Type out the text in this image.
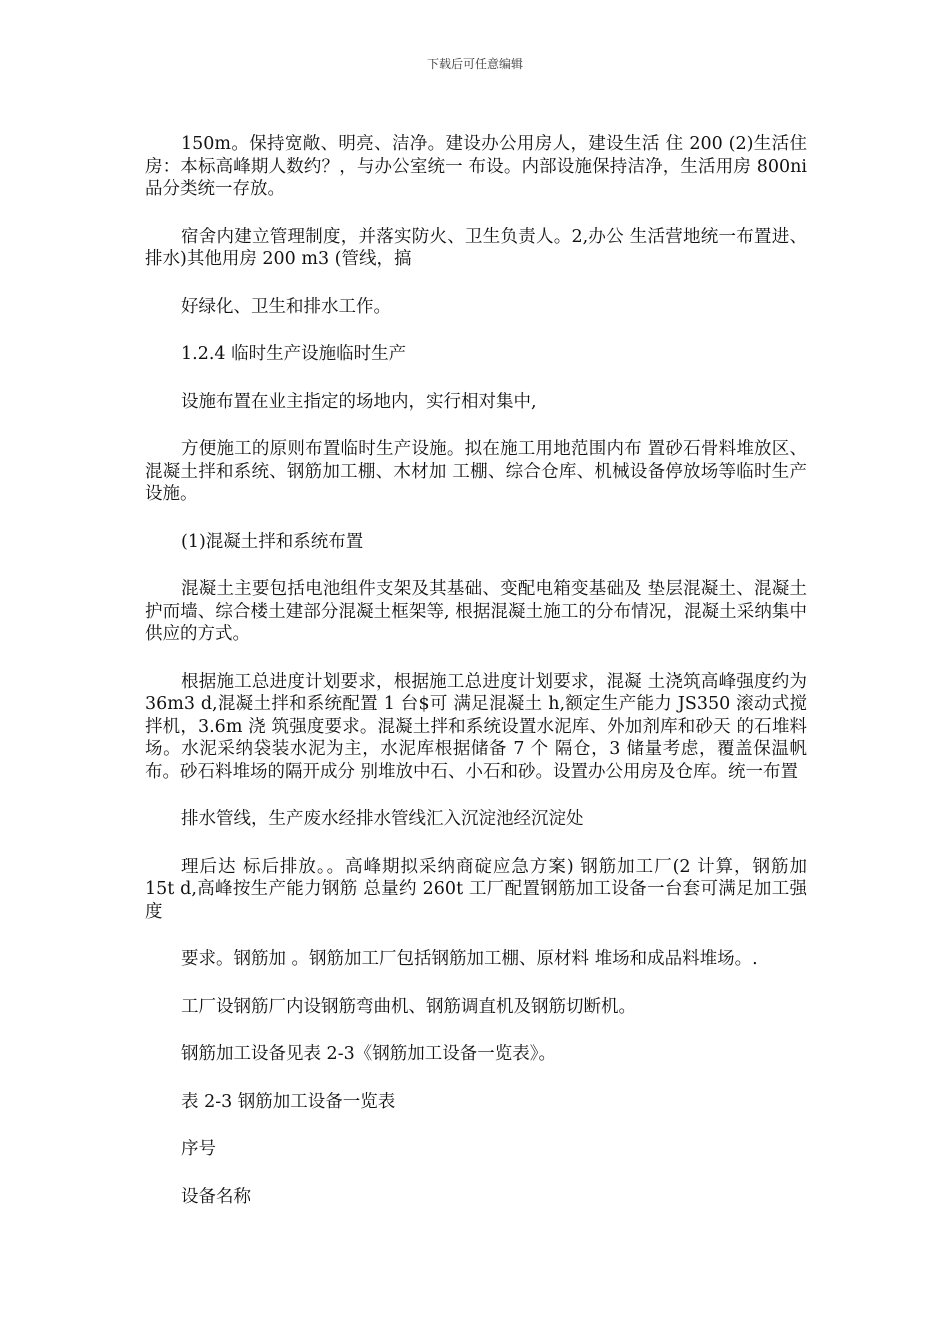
下载后可任意编辑

150m。保持宽敞、明亮、洁净。建设办公用房人，建设生活 住 200 (2)生活住房：本标高峰期人数约？，与办公室统一 布设。内部设施保持洁净，生活用房 800ni 品分类统一存放。

宿舍内建立管理制度，并落实防火、卫生负责人。2,办公 生活营地统一布置进、排水)其他用房 200 m3 (管线，搞

好绿化、卫生和排水工作。

1.2.4 临时生产设施临时生产

设施布置在业主指定的场地内，实行相对集中,

方便施工的原则布置临时生产设施。拟在施工用地范围内布 置砂石骨料堆放区、混凝土拌和系统、钢筋加工棚、木材加 工棚、综合仓库、机械设备停放场等临时生产设施。

(1)混凝土拌和系统布置

混凝土主要包括电池组件支架及其基础、变配电箱变基础及 垫层混凝土、混凝土护而墙、综合楼土建部分混凝土框架等, 根据混凝土施工的分布情况，混凝土采纳集中供应的方式。

根据施工总进度计划要求，根据施工总进度计划要求，混凝 土浇筑高峰强度约为 36m3 d,混凝土拌和系统配置 1 台$可 满足混凝土 h,额定生产能力 JS350 滚动式搅拌机，3.6m 浇 筑强度要求。混凝土拌和系统设置水泥库、外加剂库和砂天 的石堆料场。水泥采纳袋装水泥为主，水泥库根据储备 7 个 隔仓，3 储量考虑，覆盖保温帆布。砂石料堆场的隔开成分 别堆放中石、小石和砂。设置办公用房及仓库。统一布置

排水管线，生产废水经排水管线汇入沉淀池经沉淀处

理后达 标后排放。。高峰期拟采纳商碇应急方案) 钢筋加工厂(2 计算，钢筋加 15t d,高峰按生产能力钢筋 总量约 260t 工厂配置钢筋加工设备一台套可满足加工强度

要求。钢筋加 。钢筋加工厂包括钢筋加工棚、原材料 堆场和成品料堆场。.

工厂设钢筋厂内设钢筋弯曲机、钢筋调直机及钢筋切断机。

钢筋加工设备见表 2-3《钢筋加工设备一览表》。

表 2-3 钢筋加工设备一览表

序号

设备名称
